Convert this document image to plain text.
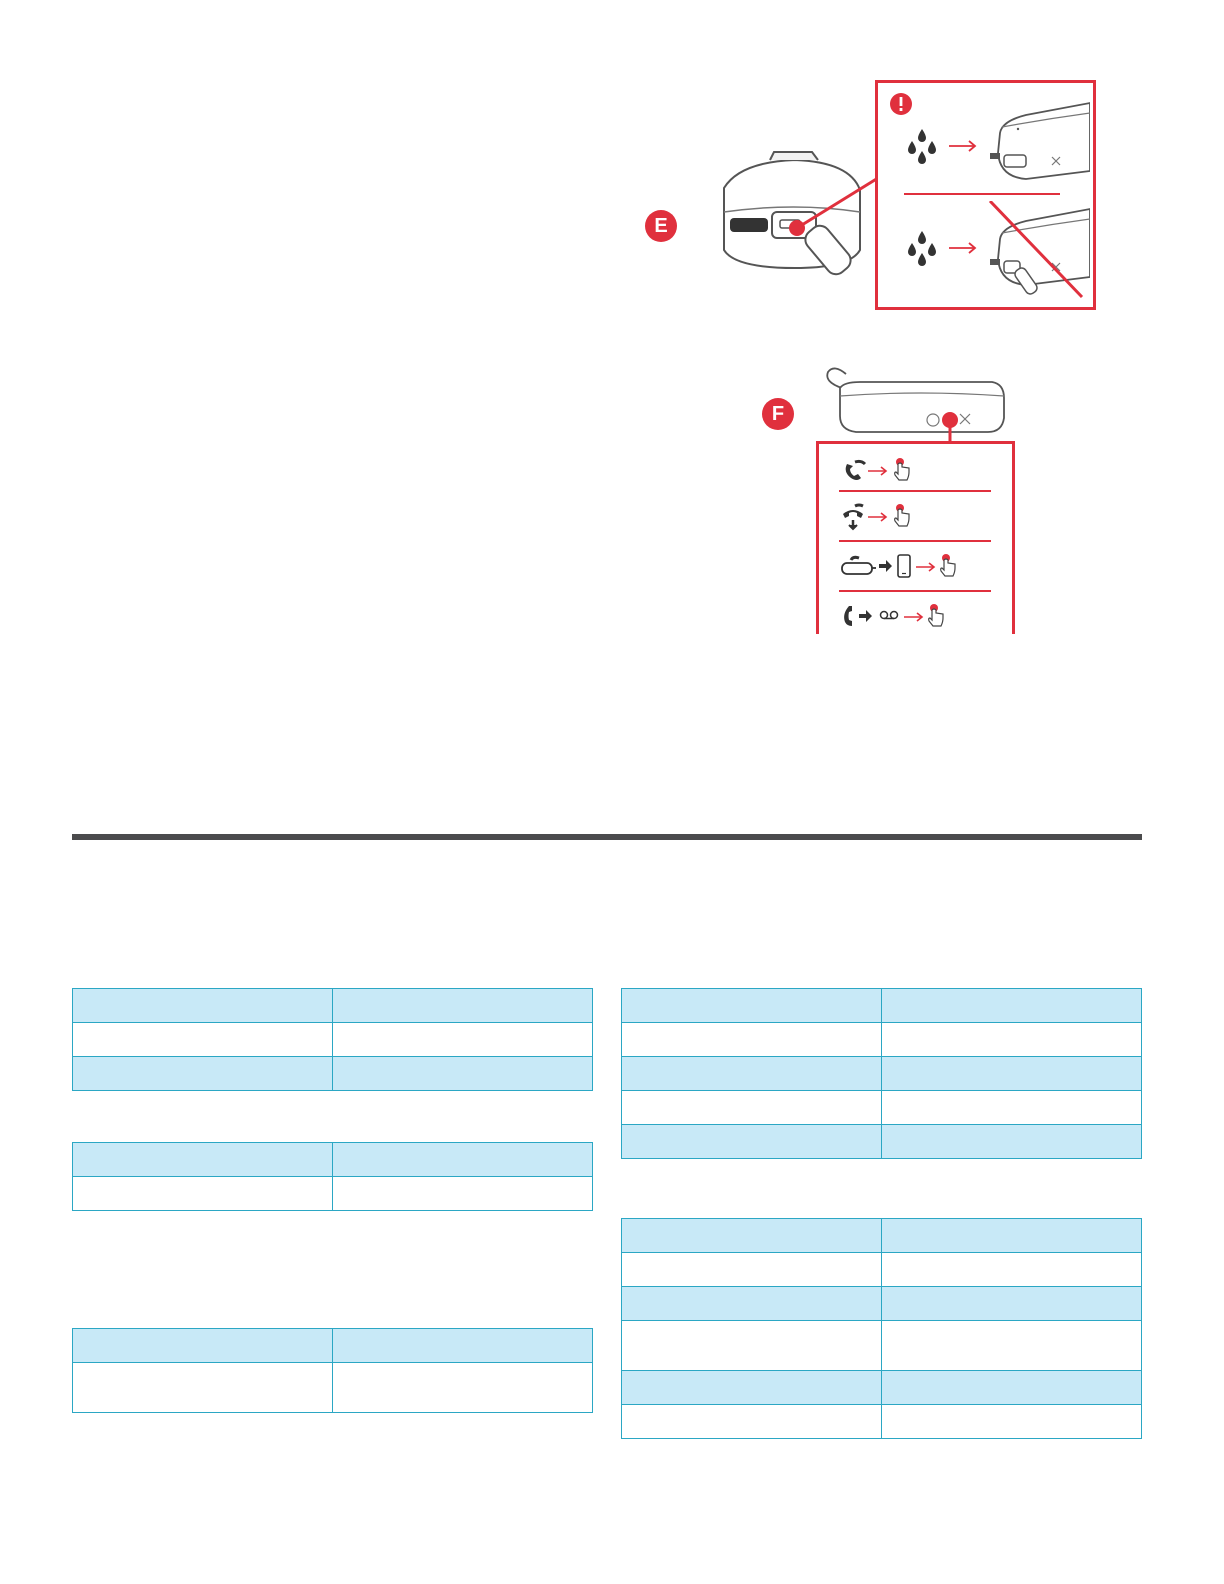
E
F
